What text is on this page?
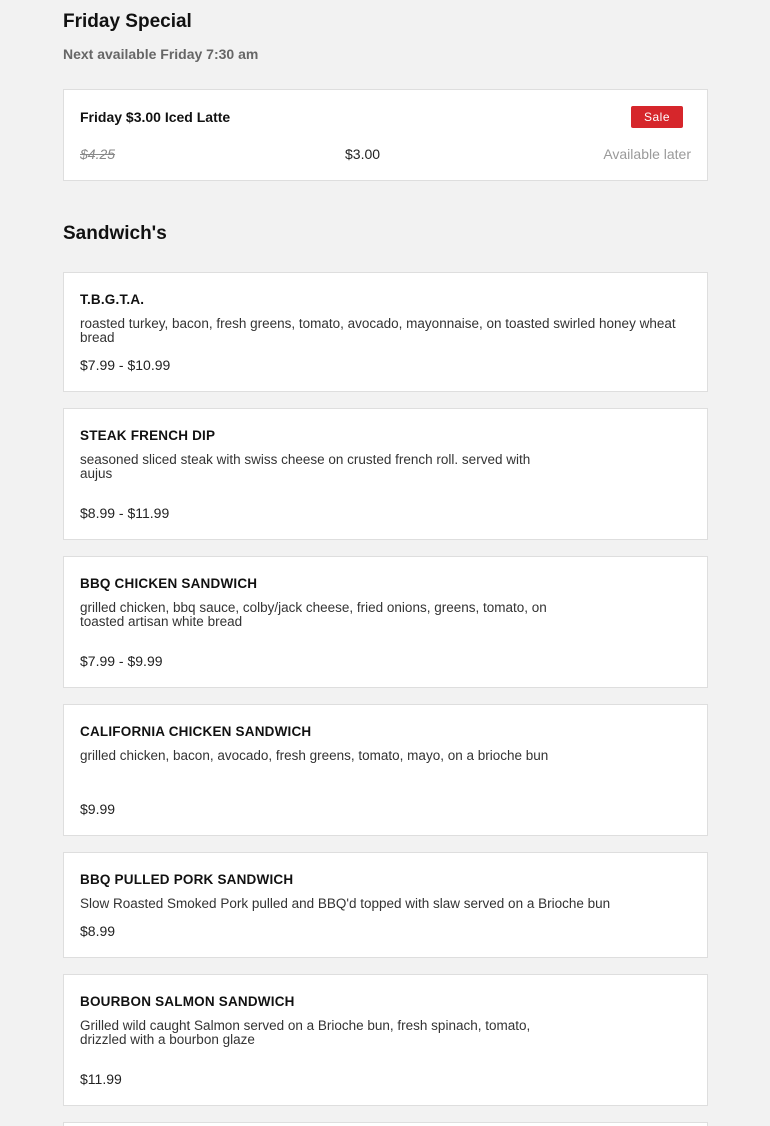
Friday Special
Next available Friday 7:30 am
Friday $3.00 Iced Latte	Sale
$4.25	$3.00	Available later
Sandwich's
T.B.G.T.A.
roasted turkey, bacon, fresh greens, tomato, avocado, mayonnaise, on toasted swirled honey wheat bread
$7.99 - $10.99
STEAK FRENCH DIP
seasoned sliced steak with swiss cheese on crusted french roll. served with aujus
$8.99 - $11.99
BBQ CHICKEN SANDWICH
grilled chicken, bbq sauce, colby/jack cheese, fried onions, greens, tomato, on toasted artisan white bread
$7.99 - $9.99
CALIFORNIA CHICKEN SANDWICH
grilled chicken, bacon, avocado, fresh greens, tomato, mayo, on a brioche bun
$9.99
BBQ PULLED PORK SANDWICH
Slow Roasted Smoked Pork pulled and BBQ'd topped with slaw served on a Brioche bun
$8.99
BOURBON SALMON SANDWICH
Grilled wild caught Salmon served on a Brioche bun, fresh spinach, tomato, drizzled with a bourbon glaze
$11.99
